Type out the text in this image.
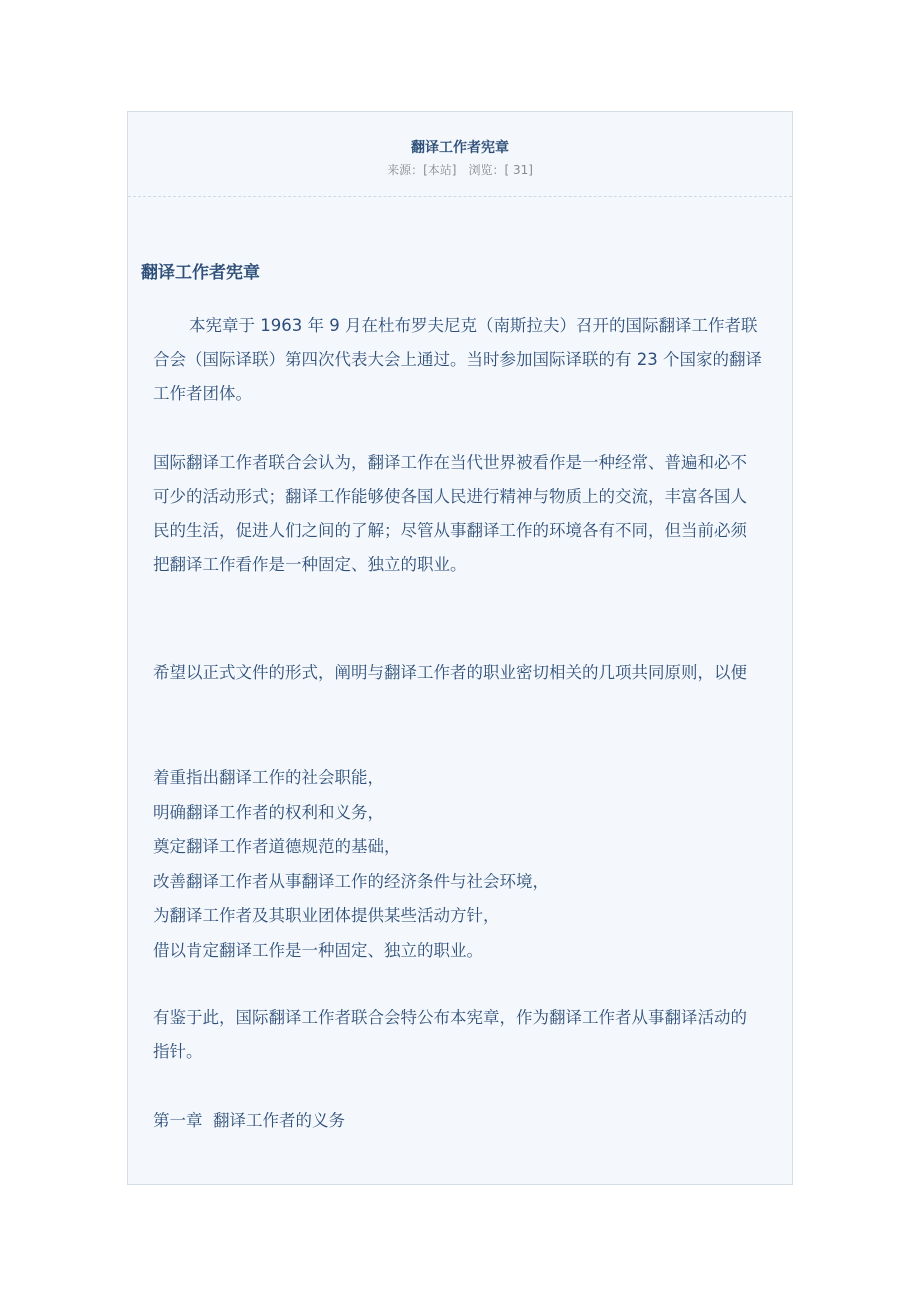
翻译工作者宪章
来源：[本站] 浏览：[ 31]
翻译工作者宪章

本宪章于 1963 年 9 月在杜布罗夫尼克（南斯拉夫）召开的国际翻译工作者联合会（国际译联）第四次代表大会上通过。当时参加国际译联的有 23 个国家的翻译工作者团体。

国际翻译工作者联合会认为，翻译工作在当代世界被看作是一种经常、普遍和必不可少的活动形式；翻译工作能够使各国人民进行精神与物质上的交流，丰富各国人民的生活，促进人们之间的了解；尽管从事翻译工作的环境各有不同，但当前必须把翻译工作看作是一种固定、独立的职业。

希望以正式文件的形式，阐明与翻译工作者的职业密切相关的几项共同原则，以便

着重指出翻译工作的社会职能，
明确翻译工作者的权利和义务，
奠定翻译工作者道德规范的基础，
改善翻译工作者从事翻译工作的经济条件与社会环境，
为翻译工作者及其职业团体提供某些活动方针，
借以肯定翻译工作是一种固定、独立的职业。

有鉴于此，国际翻译工作者联合会特公布本宪章，作为翻译工作者从事翻译活动的指针。

第一章  翻译工作者的义务
